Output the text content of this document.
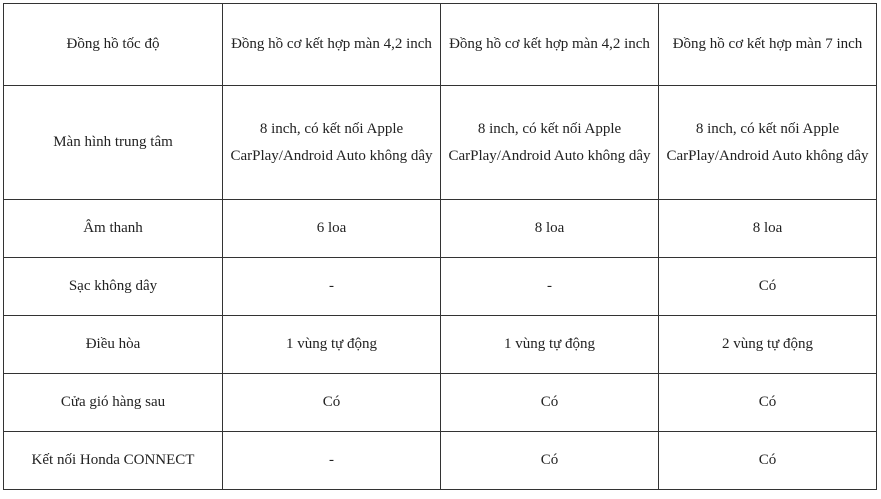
Đồng hồ tốc độ	Đồng hồ cơ kết hợp màn 4,2 inch	Đồng hồ cơ kết hợp màn 4,2 inch	Đồng hồ cơ kết hợp màn 7 inch
Màn hình trung tâm	8 inch, có kết nối Apple CarPlay/Android Auto không dây	8 inch, có kết nối Apple CarPlay/Android Auto không dây	8 inch, có kết nối Apple CarPlay/Android Auto không dây
Âm thanh	6 loa	8 loa	8 loa
Sạc không dây	-	-	Có
Điều hòa	1 vùng tự động	1 vùng tự động	2 vùng tự động
Cửa gió hàng sau	Có	Có	Có
Kết nối Honda CONNECT	-	Có	Có
